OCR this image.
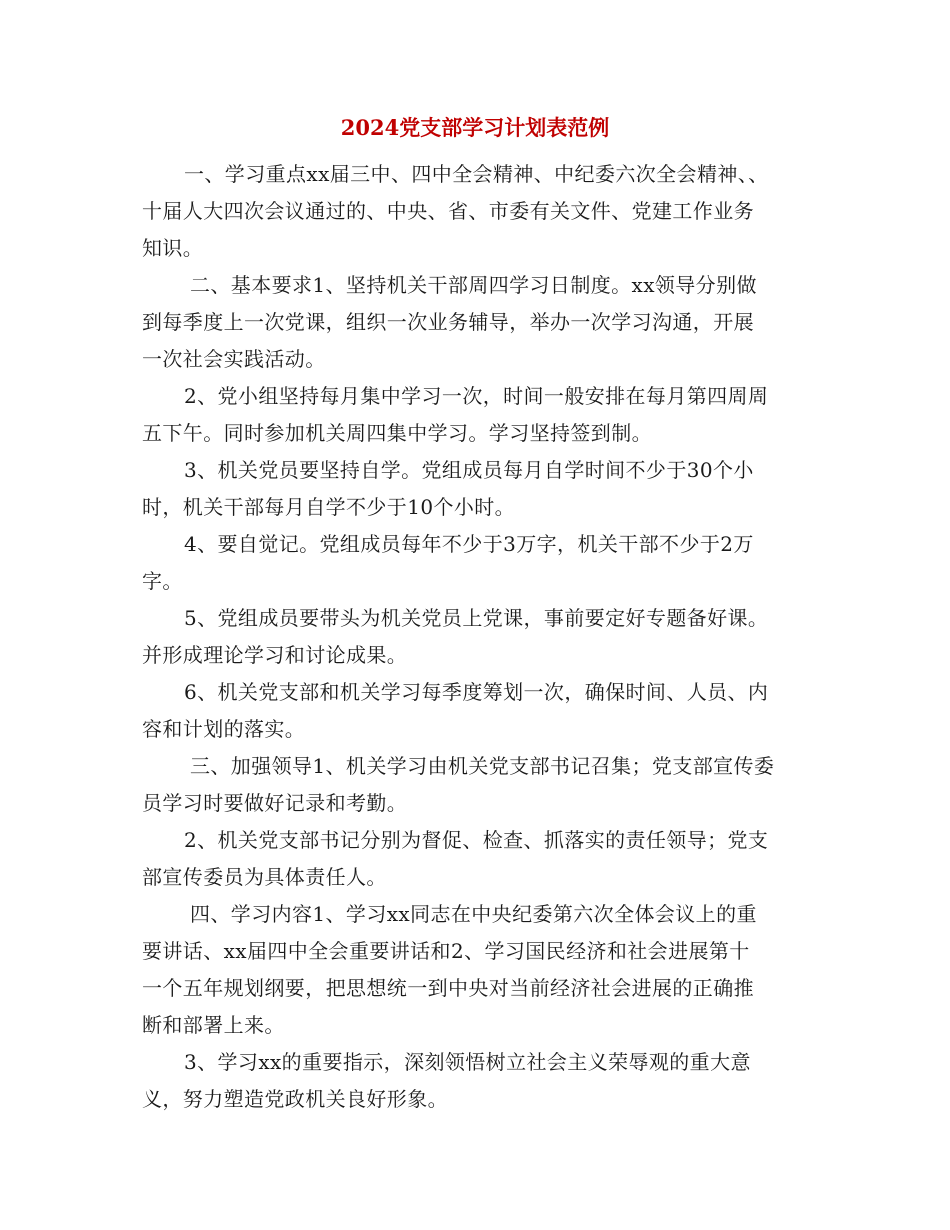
2024党支部学习计划表范例

一、学习重点xx届三中、四中全会精神、中纪委六次全会精神、、
十届人大四次会议通过的、中央、省、市委有关文件、党建工作业务
知识。

二、基本要求1、坚持机关干部周四学习日制度。xx领导分别做
到每季度上一次党课，组织一次业务辅导，举办一次学习沟通，开展
一次社会实践活动。

2、党小组坚持每月集中学习一次，时间一般安排在每月第四周周
五下午。同时参加机关周四集中学习。学习坚持签到制。

3、机关党员要坚持自学。党组成员每月自学时间不少于30个小
时，机关干部每月自学不少于10个小时。

4、要自觉记。党组成员每年不少于3万字，机关干部不少于2万
字。

5、党组成员要带头为机关党员上党课，事前要定好专题备好课。
并形成理论学习和讨论成果。

6、机关党支部和机关学习每季度筹划一次，确保时间、人员、内
容和计划的落实。

三、加强领导1、机关学习由机关党支部书记召集；党支部宣传委
员学习时要做好记录和考勤。

2、机关党支部书记分别为督促、检查、抓落实的责任领导；党支
部宣传委员为具体责任人。

四、学习内容1、学习xx同志在中央纪委第六次全体会议上的重
要讲话、xx届四中全会重要讲话和2、学习国民经济和社会进展第十
一个五年规划纲要，把思想统一到中央对当前经济社会进展的正确推
断和部署上来。

3、学习xx的重要指示，深刻领悟树立社会主义荣辱观的重大意
义，努力塑造党政机关良好形象。
